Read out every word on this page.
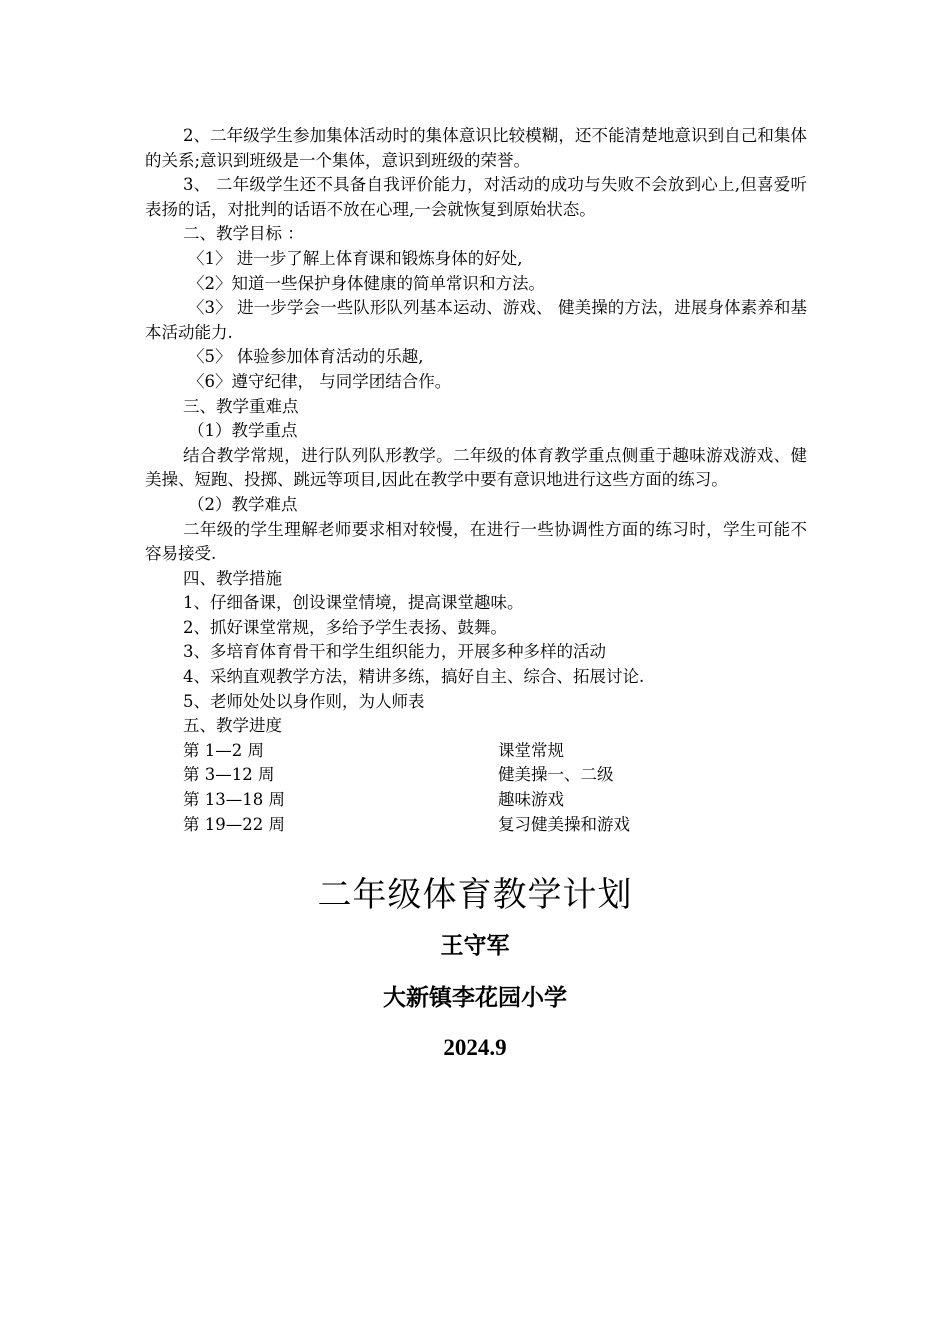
2、二年级学生参加集体活动时的集体意识比较模糊，还不能清楚地意识到自己和集体的关系;意识到班级是一个集体，意识到班级的荣誉。

3、 二年级学生还不具备自我评价能力，对活动的成功与失败不会放到心上,但喜爱听表扬的话，对批判的话语不放在心理,一会就恢复到原始状态。

二、教学目标 ：

〈1〉 进一步了解上体育课和锻炼身体的好处,

〈2〉知道一些保护身体健康的简单常识和方法。

〈3〉 进一步学会一些队形队列基本运动、游戏、 健美操的方法，进展身体素养和基本活动能力.

〈5〉 体验参加体育活动的乐趣,

〈6〉遵守纪律， 与同学团结合作。

三、教学重难点

（1）教学重点

结合教学常规，进行队列队形教学。二年级的体育教学重点侧重于趣味游戏游戏、健美操、短跑、投掷、跳远等项目,因此在教学中要有意识地进行这些方面的练习。

（2）教学难点

二年级的学生理解老师要求相对较慢，在进行一些协调性方面的练习时，学生可能不容易接受.

四、教学措施

1、仔细备课，创设课堂情境，提高课堂趣味。

2、抓好课堂常规，多给予学生表扬、鼓舞。

3、多培育体育骨干和学生组织能力，开展多种多样的活动

4、采纳直观教学方法，精讲多练，搞好自主、综合、拓展讨论.

5、老师处处以身作则，为人师表

五、教学进度

第 1—2 周	课堂常规
第 3—12 周	健美操一、二级
第 13—18 周	趣味游戏
第 19—22 周	复习健美操和游戏
二年级体育教学计划
王守军
大新镇李花园小学
2024.9
